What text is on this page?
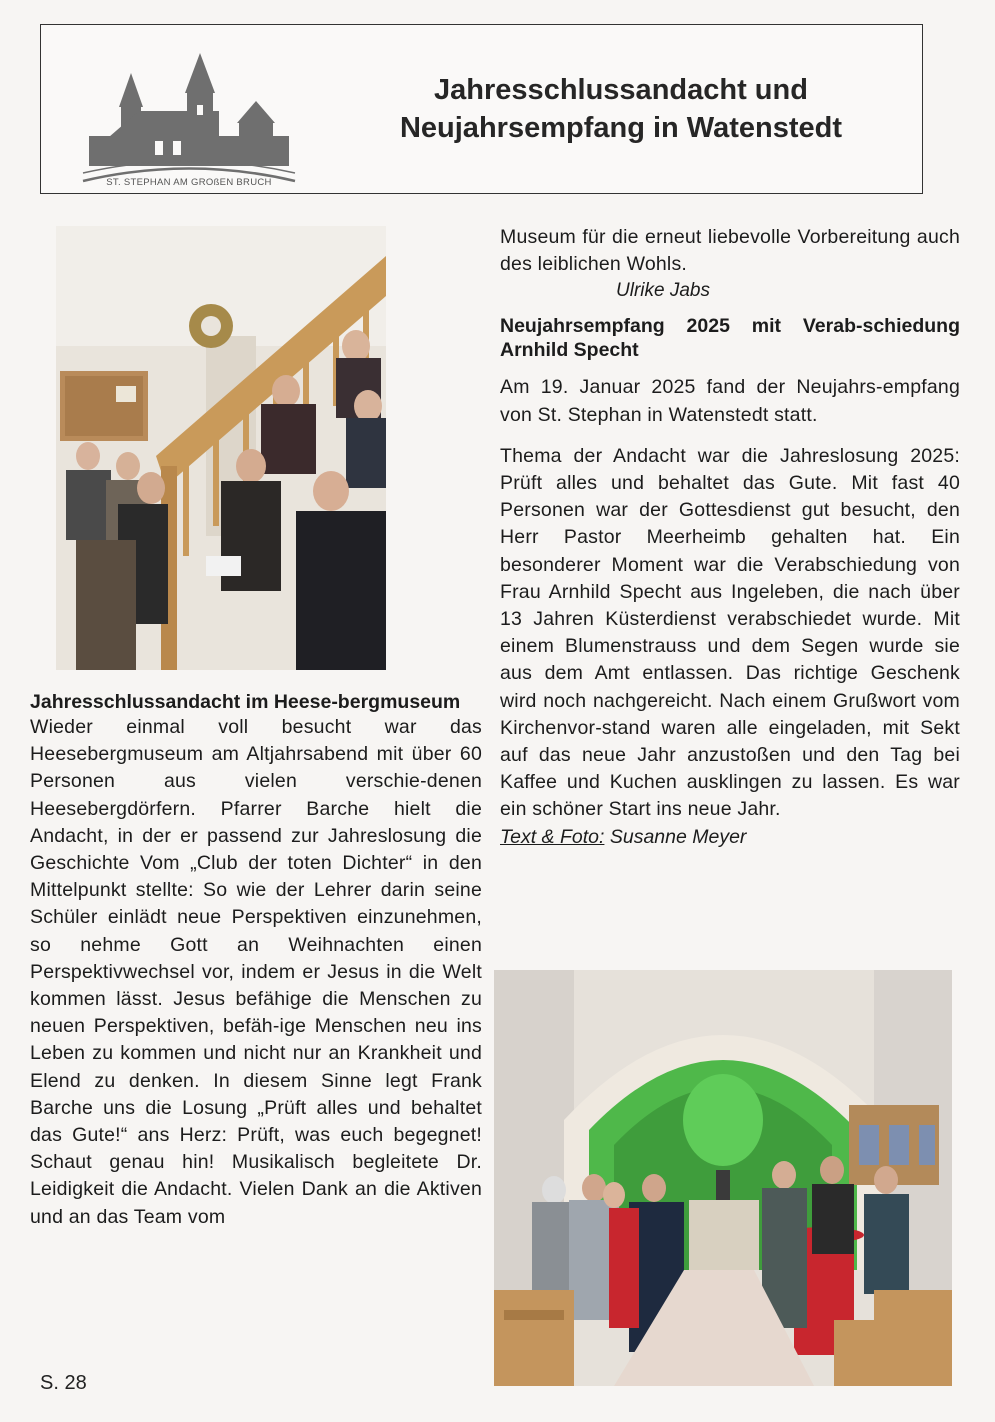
ST. STEPHAN AM GROßEN BRUCH
Jahresschlussandacht und Neujahrsempfang in Watenstedt

Jahresschlussandacht im Heese-bergmuseum

Wieder einmal voll besucht war das Heesebergmuseum am Altjahrsabend mit über 60 Personen aus vielen verschie-denen Heesebergdörfern. Pfarrer Barche hielt die Andacht, in der er passend zur Jahreslosung die Geschichte Vom „Club der toten Dichter“ in den Mittelpunkt stellte: So wie der Lehrer darin seine Schüler einlädt neue Perspektiven einzunehmen, so nehme Gott an Weihnachten einen Perspektivwechsel vor, indem er Jesus in die Welt kommen lässt. Jesus befähige die Menschen zu neuen Perspektiven, befäh-ige Menschen neu ins Leben zu kommen und nicht nur an Krankheit und Elend zu denken. In diesem Sinne legt Frank Barche uns die Losung „Prüft alles und behaltet das Gute!“ ans Herz: Prüft, was euch begegnet! Schaut genau hin! Musikalisch begleitete Dr. Leidigkeit die Andacht. Vielen Dank an die Aktiven und an das Team vom

Museum für die erneut liebevolle Vorbereitung auch des leiblichen Wohls.

Ulrike Jabs

Neujahrsempfang 2025 mit Verab-schiedung Arnhild Specht

Am 19. Januar 2025 fand der Neujahrs-empfang von St. Stephan in Watenstedt statt.

Thema der Andacht war die Jahreslosung 2025: Prüft alles und behaltet das Gute. Mit fast 40 Personen war der Gottesdienst gut besucht, den Herr Pastor Meerheimb gehalten hat. Ein besonderer Moment war die Verabschiedung von Frau Arnhild Specht aus Ingeleben, die nach über 13 Jahren Küsterdienst verabschiedet wurde. Mit einem Blumenstrauss und dem Segen wurde sie aus dem Amt entlassen. Das richtige Geschenk wird noch nachgereicht. Nach einem Grußwort vom Kirchenvor-stand waren alle eingeladen, mit Sekt auf das neue Jahr anzustoßen und den Tag bei Kaffee und Kuchen ausklingen zu lassen. Es war ein schöner Start ins neue Jahr.

Text & Foto: Susanne Meyer

S. 28
